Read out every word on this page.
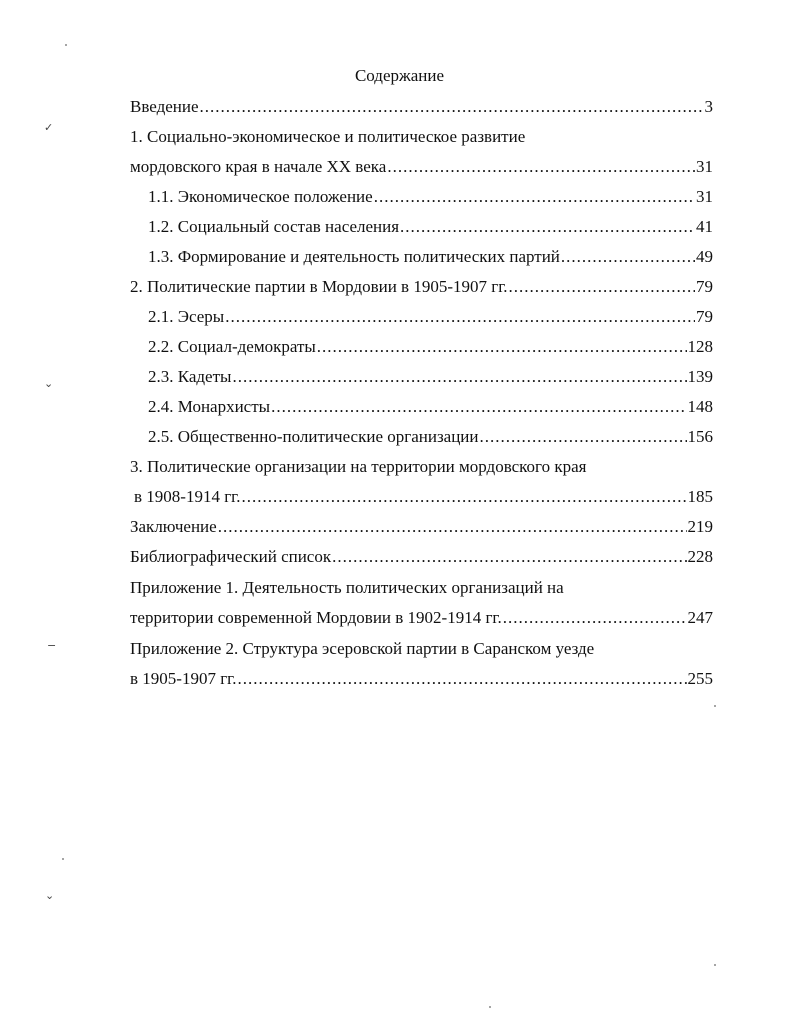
Содержание
Введение .....	3
1. Социально-экономическое и политическое развитие
мордовского края в начале XX века .....	31
1.1. Экономическое положение .....	31
1.2. Социальный состав населения .....	41
1.3. Формирование и деятельность политических партий .....	49
2. Политические партии в Мордовии в 1905-1907 гг. .....	79
2.1. Эсеры .....	79
2.2. Социал-демократы .....	128
2.3. Кадеты .....	139
2.4. Монархисты .....	148
2.5. Общественно-политические организации .....	156
3. Политические организации на территории мордовского края
в 1908-1914 гг. .....	185
Заключение .....	219
Библиографический список .....	228
Приложение 1. Деятельность политических организаций на
территории современной Мордовии в 1902-1914 гг. .....	247
Приложение 2. Структура эсеровской партии в Саранском уезде
в 1905-1907 гг. .....	255
✓
⌄
−
⌄
